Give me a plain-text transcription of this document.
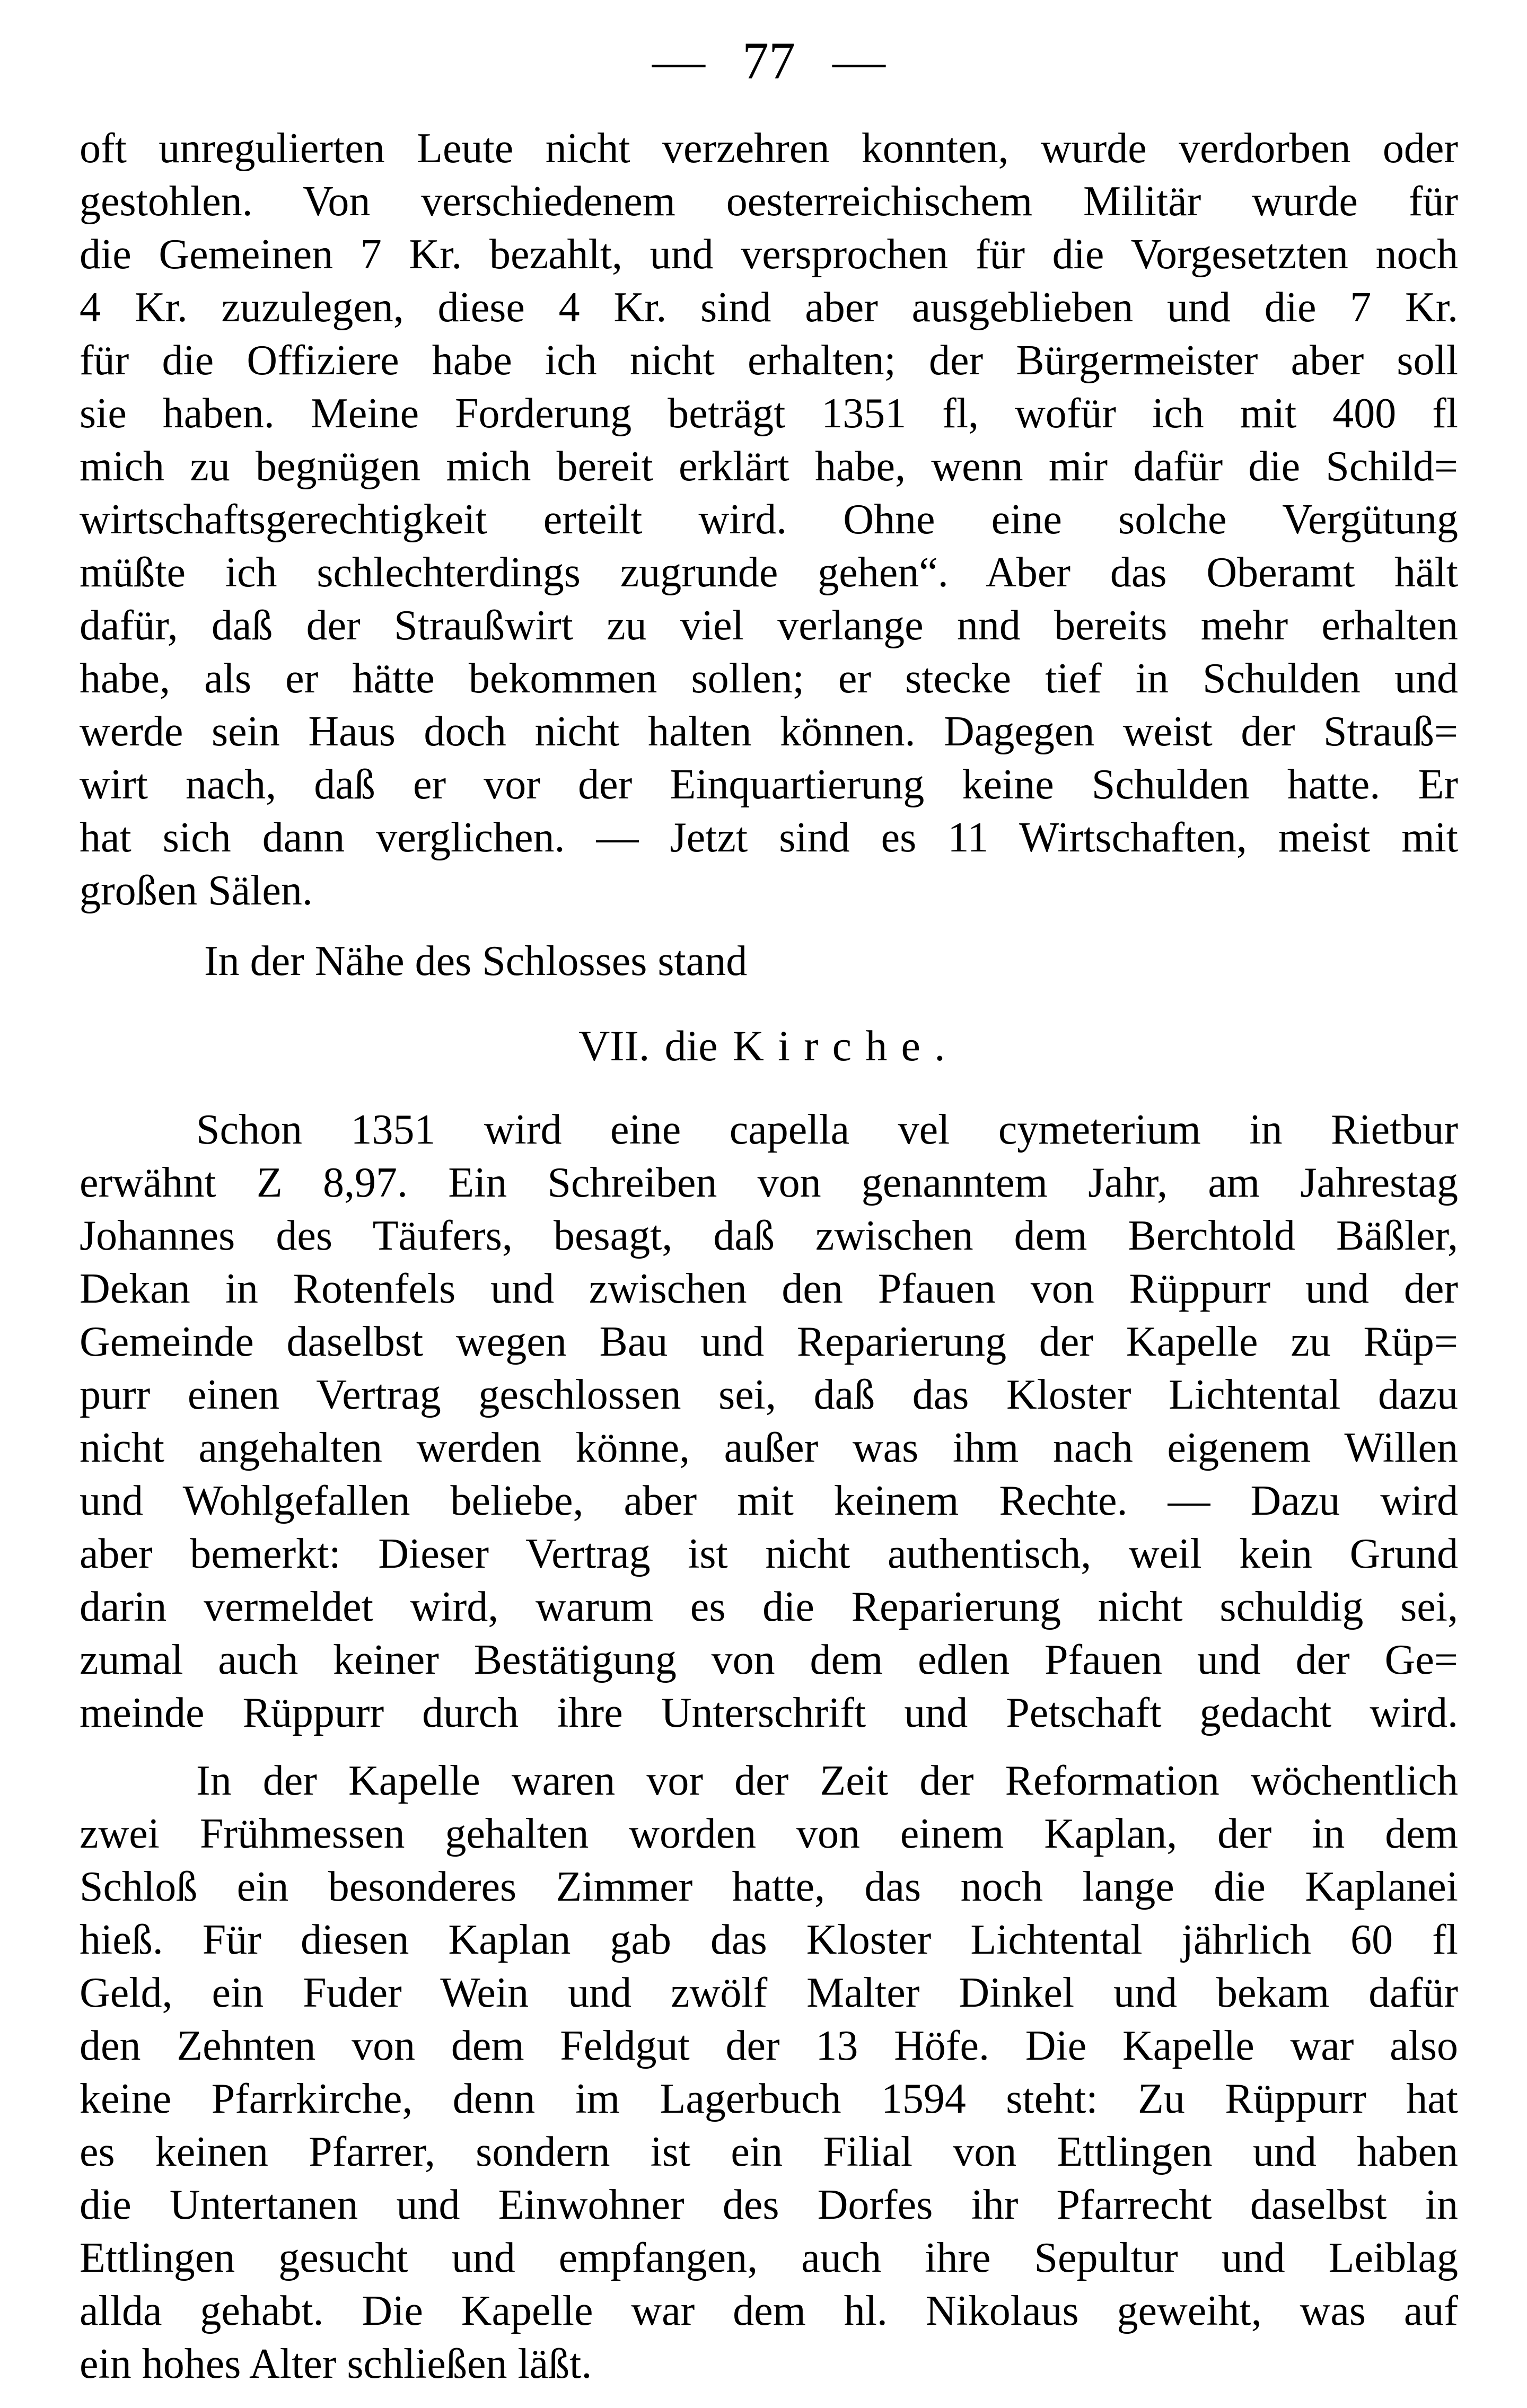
— 77 —
oft unregulierten Leute nicht verzehren konnten, wurde verdorben oder
gestohlen. Von verschiedenem oesterreichischem Militär wurde für
die Gemeinen 7 Kr. bezahlt, und versprochen für die Vorgesetzten noch
4 Kr. zuzulegen, diese 4 Kr. sind aber ausgeblieben und die 7 Kr.
für die Offiziere habe ich nicht erhalten; der Bürgermeister aber soll
sie haben. Meine Forderung beträgt 1351 fl, wofür ich mit 400 fl
mich zu begnügen mich bereit erklärt habe, wenn mir dafür die Schild=
wirtschaftsgerechtigkeit erteilt wird. Ohne eine solche Vergütung
müßte ich schlechterdings zugrunde gehen“. Aber das Oberamt hält
dafür, daß der Straußwirt zu viel verlange nnd bereits mehr erhalten
habe, als er hätte bekommen sollen; er stecke tief in Schulden und
werde sein Haus doch nicht halten können. Dagegen weist der Strauß=
wirt nach, daß er vor der Einquartierung keine Schulden hatte. Er
hat sich dann verglichen. — Jetzt sind es 11 Wirtschaften, meist mit
großen Sälen.
In der Nähe des Schlosses stand
VII. die Kirche.
Schon 1351 wird eine capella vel cymeterium in Rietbur
erwähnt Z 8,97. Ein Schreiben von genanntem Jahr, am Jahrestag
Johannes des Täufers, besagt, daß zwischen dem Berchtold Bäßler,
Dekan in Rotenfels und zwischen den Pfauen von Rüppurr und der
Gemeinde daselbst wegen Bau und Reparierung der Kapelle zu Rüp=
purr einen Vertrag geschlossen sei, daß das Kloster Lichtental dazu
nicht angehalten werden könne, außer was ihm nach eigenem Willen
und Wohlgefallen beliebe, aber mit keinem Rechte. — Dazu wird
aber bemerkt: Dieser Vertrag ist nicht authentisch, weil kein Grund
darin vermeldet wird, warum es die Reparierung nicht schuldig sei,
zumal auch keiner Bestätigung von dem edlen Pfauen und der Ge=
meinde Rüppurr durch ihre Unterschrift und Petschaft gedacht wird.
In der Kapelle waren vor der Zeit der Reformation wöchentlich
zwei Frühmessen gehalten worden von einem Kaplan, der in dem
Schloß ein besonderes Zimmer hatte, das noch lange die Kaplanei
hieß. Für diesen Kaplan gab das Kloster Lichtental jährlich 60 fl
Geld, ein Fuder Wein und zwölf Malter Dinkel und bekam dafür
den Zehnten von dem Feldgut der 13 Höfe. Die Kapelle war also
keine Pfarrkirche, denn im Lagerbuch 1594 steht: Zu Rüppurr hat
es keinen Pfarrer, sondern ist ein Filial von Ettlingen und haben
die Untertanen und Einwohner des Dorfes ihr Pfarrecht daselbst in
Ettlingen gesucht und empfangen, auch ihre Sepultur und Leiblag
allda gehabt. Die Kapelle war dem hl. Nikolaus geweiht, was auf
ein hohes Alter schließen läßt.
